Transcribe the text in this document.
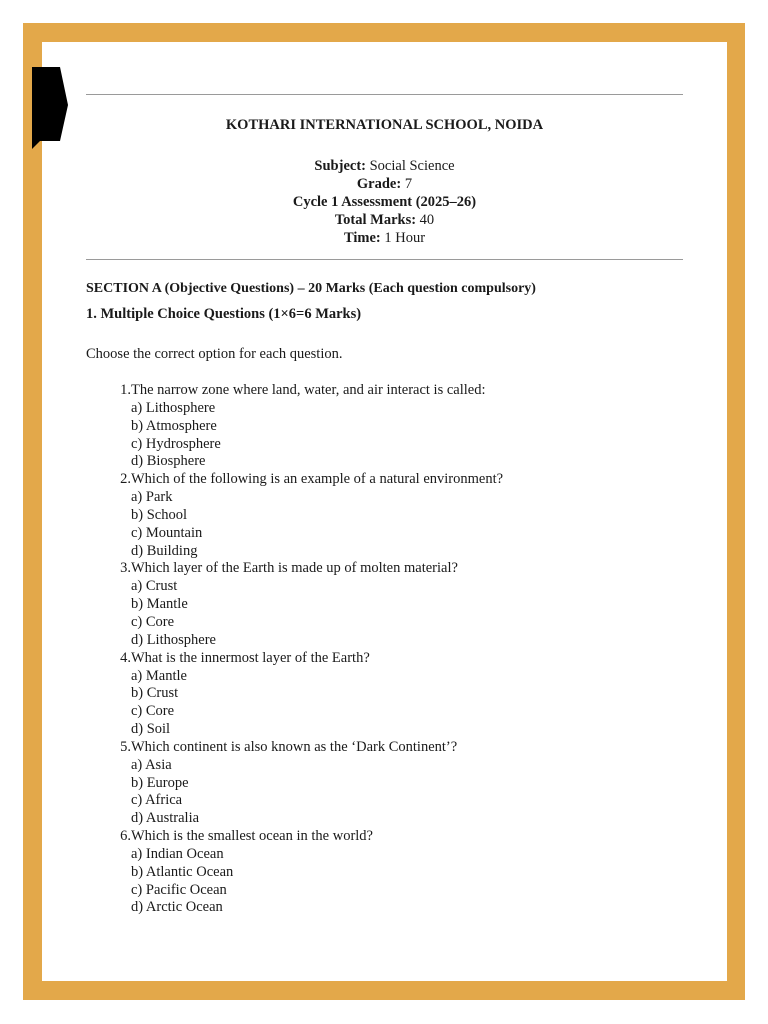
KOTHARI INTERNATIONAL SCHOOL, NOIDA
Subject: Social Science
Grade: 7
Cycle 1 Assessment (2025–26)
Total Marks: 40
Time: 1 Hour
SECTION A (Objective Questions) – 20 Marks (Each question compulsory)
1. Multiple Choice Questions (1×6=6 Marks)
Choose the correct option for each question.
1. The narrow zone where land, water, and air interact is called:
a) Lithosphere
b) Atmosphere
c) Hydrosphere
d) Biosphere
2. Which of the following is an example of a natural environment?
a) Park
b) School
c) Mountain
d) Building
3. Which layer of the Earth is made up of molten material?
a) Crust
b) Mantle
c) Core
d) Lithosphere
4. What is the innermost layer of the Earth?
a) Mantle
b) Crust
c) Core
d) Soil
5. Which continent is also known as the ‘Dark Continent’?
a) Asia
b) Europe
c) Africa
d) Australia
6. Which is the smallest ocean in the world?
a) Indian Ocean
b) Atlantic Ocean
c) Pacific Ocean
d) Arctic Ocean
